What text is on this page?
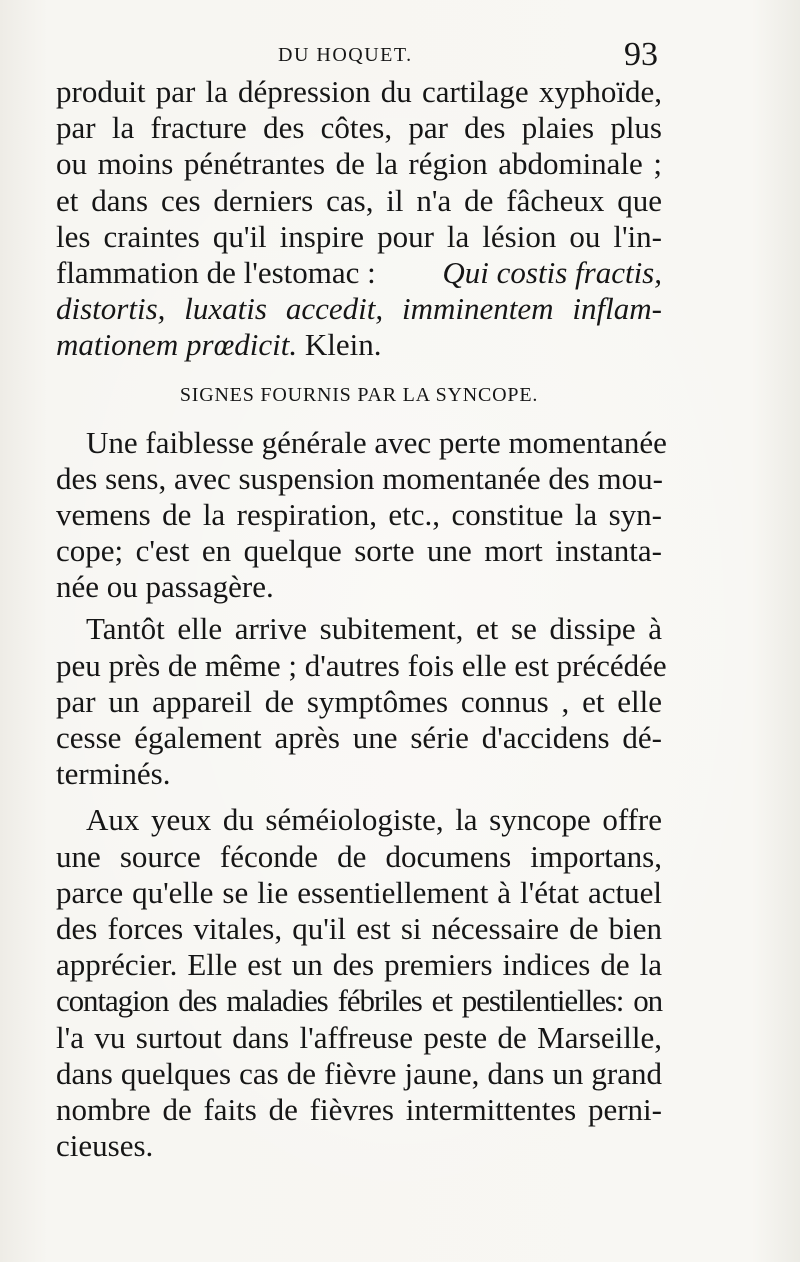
DU HOQUET.	93
produit par la dépression du cartilage xyphoïde,
par la fracture des côtes, par des plaies plus
ou moins pénétrantes de la région abdominale ;
et dans ces derniers cas, il n'a de fâcheux que
les craintes qu'il inspire pour la lésion ou l'in-
flammation de l'estomac : Qui costis fractis,
distortis, luxatis accedit, imminentem inflam-
mationem prœdicit. Klein.
SIGNES FOURNIS PAR LA SYNCOPE.
Une faiblesse générale avec perte momentanée
des sens, avec suspension momentanée des mou-
vemens de la respiration, etc., constitue la syn-
cope; c'est en quelque sorte une mort instanta-
née ou passagère.
Tantôt elle arrive subitement, et se dissipe à
peu près de même ; d'autres fois elle est précédée
par un appareil de symptômes connus , et elle
cesse également après une série d'accidens dé-
terminés.
Aux yeux du séméiologiste, la syncope offre
une source féconde de documens importans,
parce qu'elle se lie essentiellement à l'état actuel
des forces vitales, qu'il est si nécessaire de bien
apprécier. Elle est un des premiers indices de la
contagion des maladies fébriles et pestilentielles: on
l'a vu surtout dans l'affreuse peste de Marseille,
dans quelques cas de fièvre jaune, dans un grand
nombre de faits de fièvres intermittentes perni-
cieuses.
